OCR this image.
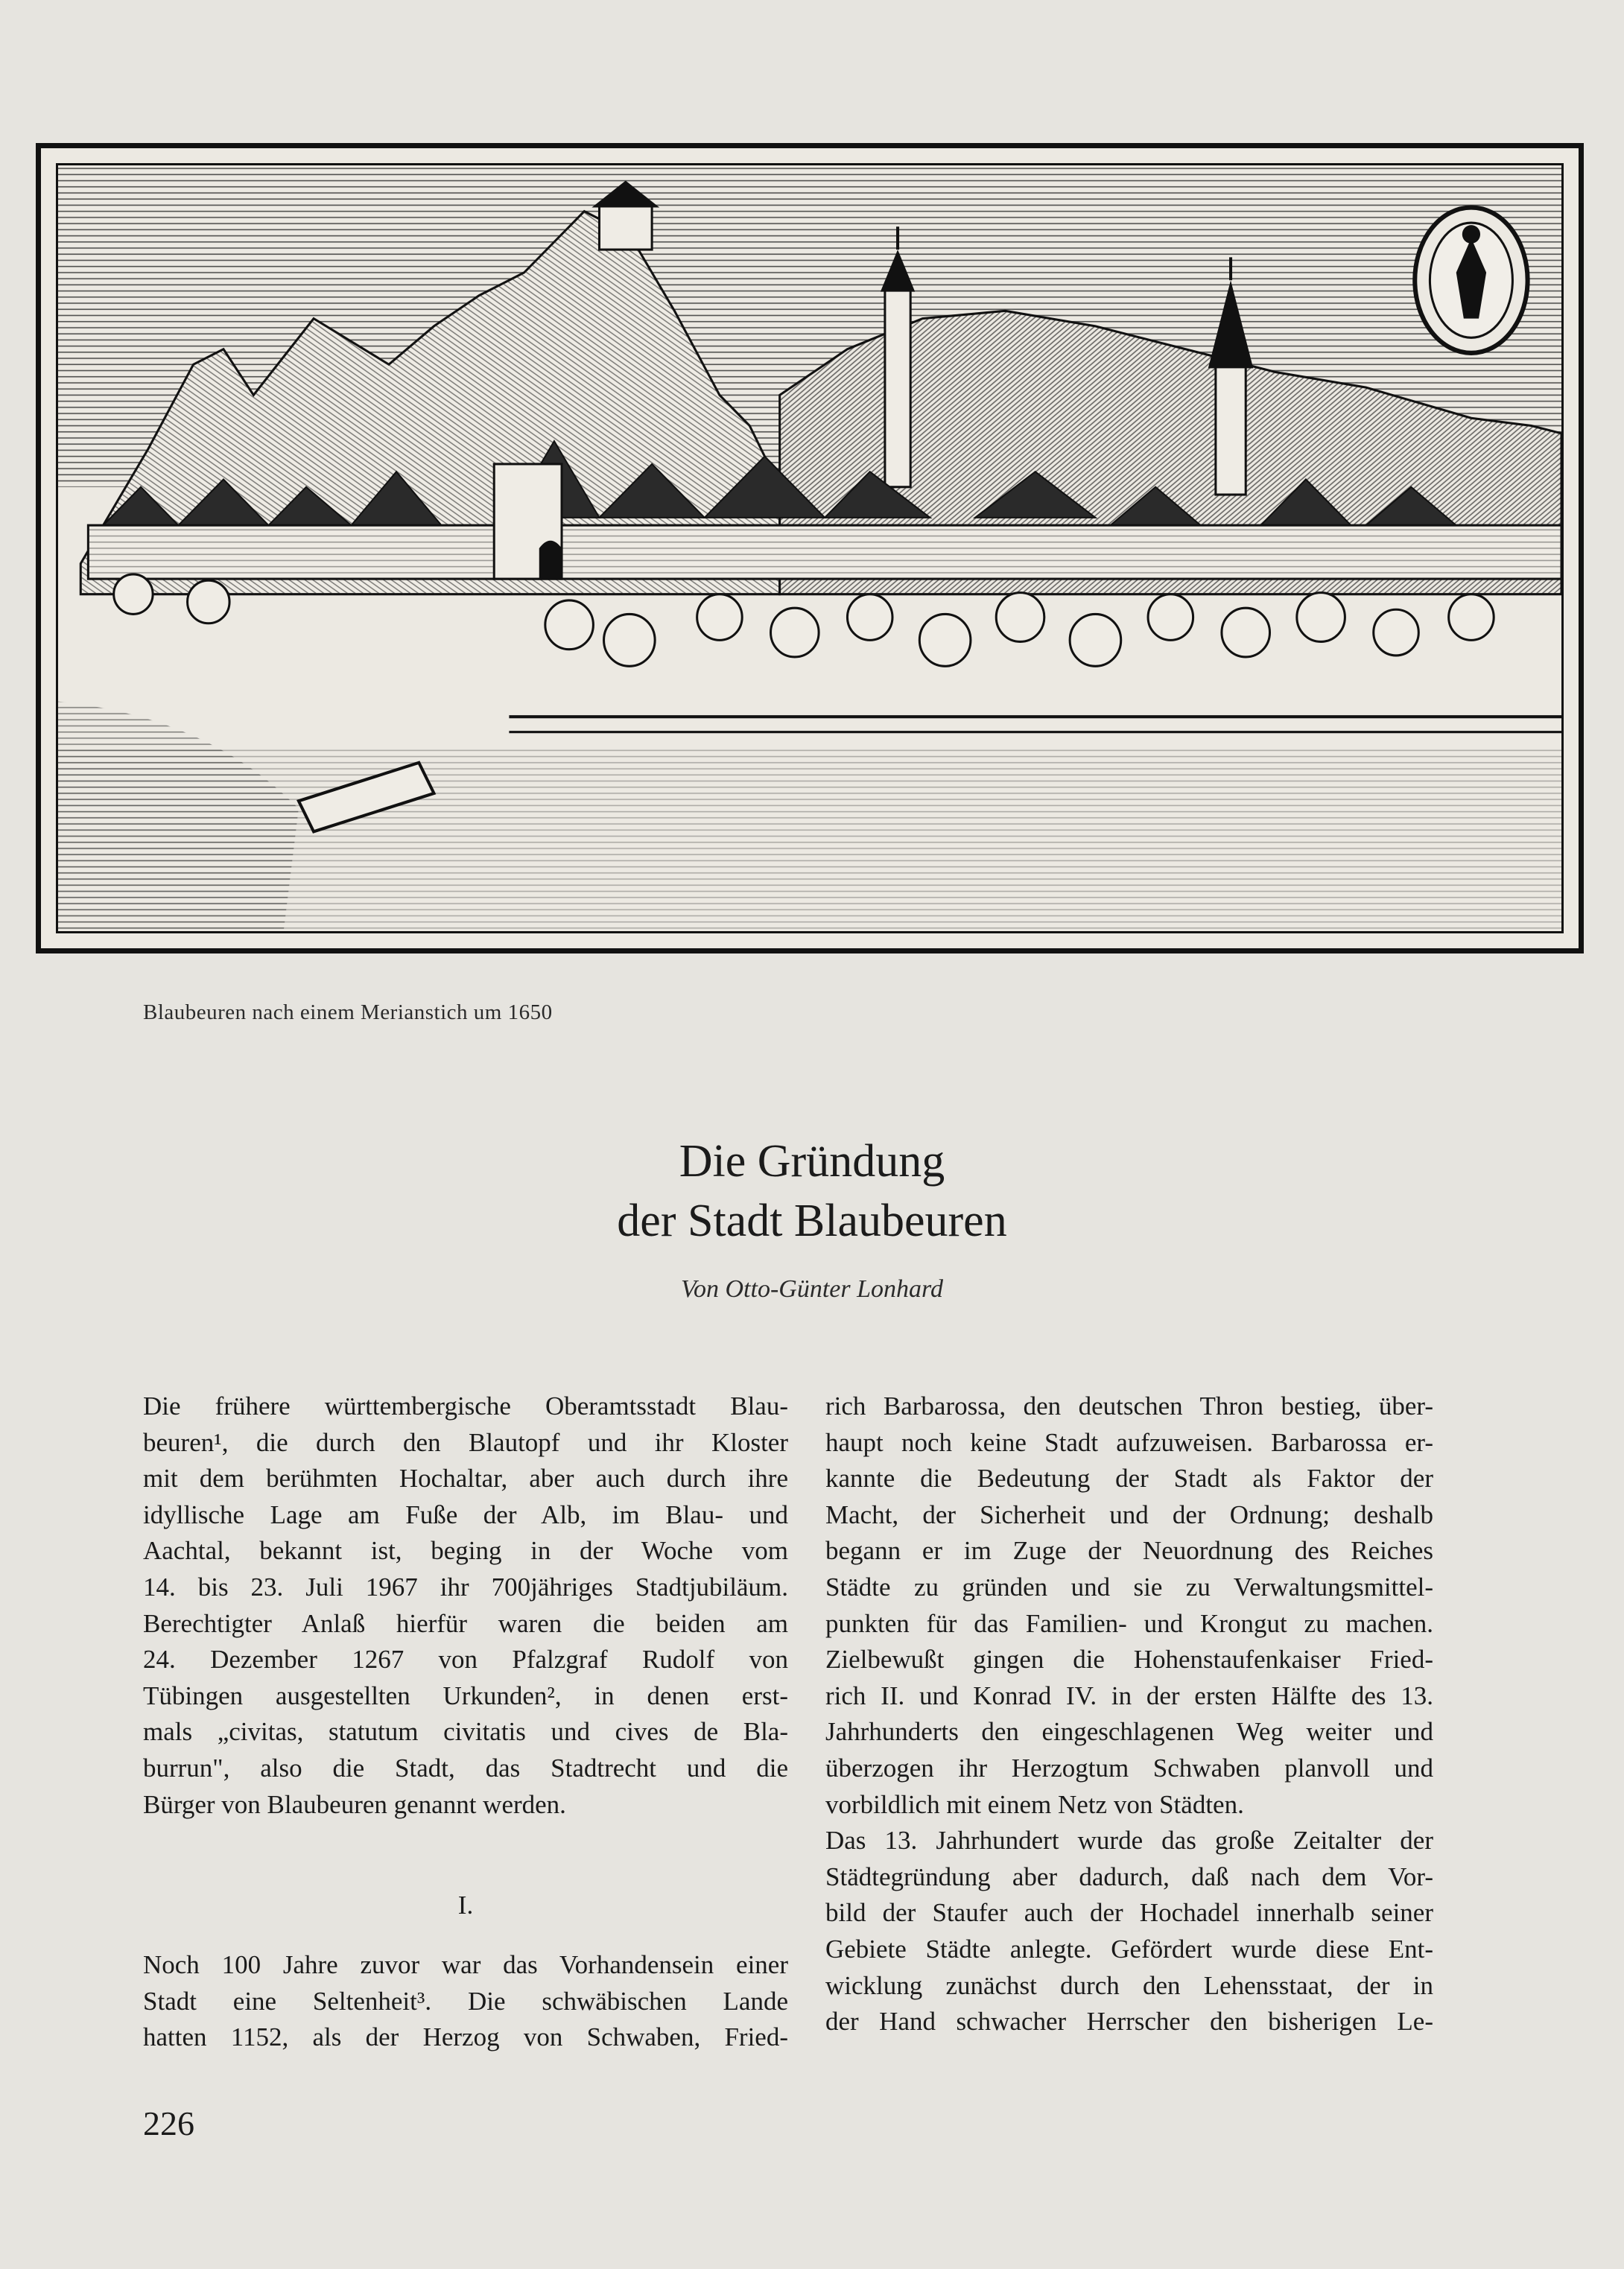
Blaubeuren nach einem Merianstich um 1650
Die Gründung
der Stadt Blaubeuren
Von Otto-Günter Lonhard
Die frühere württembergische Oberamtsstadt Blau-
beuren¹, die durch den Blautopf und ihr Kloster
mit dem berühmten Hochaltar, aber auch durch ihre
idyllische Lage am Fuße der Alb, im Blau- und
Aachtal, bekannt ist, beging in der Woche vom
14. bis 23. Juli 1967 ihr 700jähriges Stadtjubiläum.
Berechtigter Anlaß hierfür waren die beiden am
24. Dezember 1267 von Pfalzgraf Rudolf von
Tübingen ausgestellten Urkunden², in denen erst-
mals „civitas, statutum civitatis und cives de Bla-
burrun", also die Stadt, das Stadtrecht und die
Bürger von Blaubeuren genannt werden.
I.
Noch 100 Jahre zuvor war das Vorhandensein einer
Stadt eine Seltenheit³. Die schwäbischen Lande
hatten 1152, als der Herzog von Schwaben, Fried-
rich Barbarossa, den deutschen Thron bestieg, über-
haupt noch keine Stadt aufzuweisen. Barbarossa er-
kannte die Bedeutung der Stadt als Faktor der
Macht, der Sicherheit und der Ordnung; deshalb
begann er im Zuge der Neuordnung des Reiches
Städte zu gründen und sie zu Verwaltungsmittel-
punkten für das Familien- und Krongut zu machen.
Zielbewußt gingen die Hohenstaufenkaiser Fried-
rich II. und Konrad IV. in der ersten Hälfte des 13.
Jahrhunderts den eingeschlagenen Weg weiter und
überzogen ihr Herzogtum Schwaben planvoll und
vorbildlich mit einem Netz von Städten.
Das 13. Jahrhundert wurde das große Zeitalter der
Städtegründung aber dadurch, daß nach dem Vor-
bild der Staufer auch der Hochadel innerhalb seiner
Gebiete Städte anlegte. Gefördert wurde diese Ent-
wicklung zunächst durch den Lehensstaat, der in
der Hand schwacher Herrscher den bisherigen Le-
226
